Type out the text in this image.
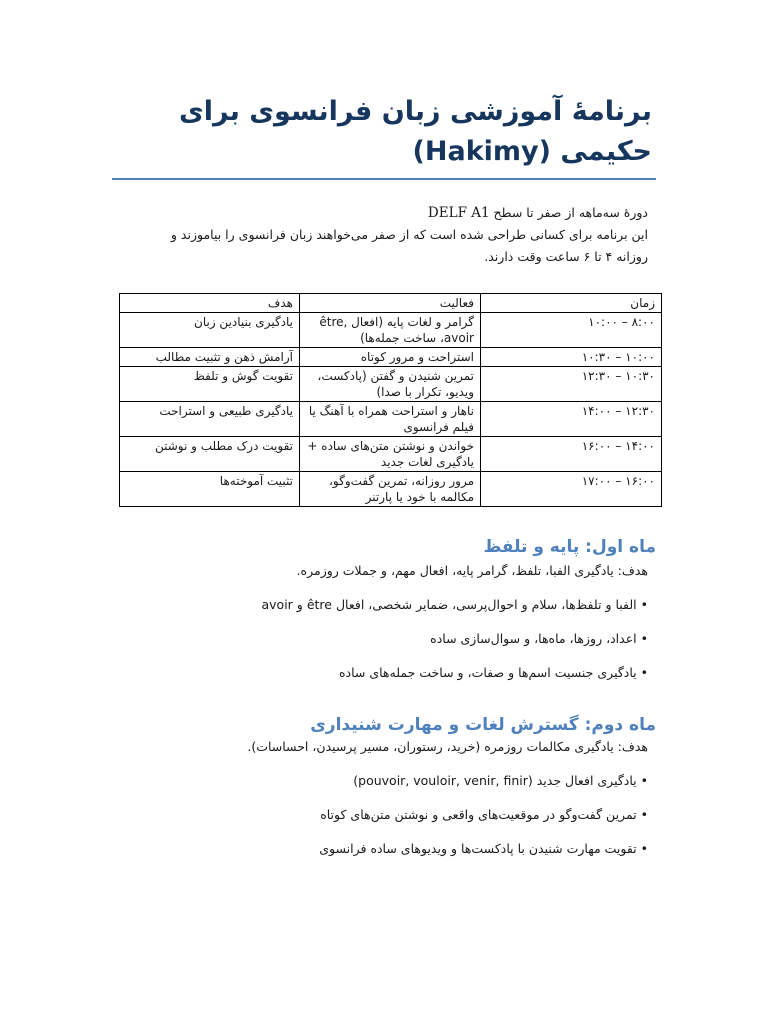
برنامهٔ آموزشی زبان فرانسوی برای حکیمی (Hakimy)
دورهٔ سه‌ماهه از صفر تا سطح DELF A1
این برنامه برای کسانی طراحی شده است که از صفر می‌خواهند زبان فرانسوی را بیاموزند و
روزانه ۴ تا ۶ ساعت وقت دارند.
زمان	فعالیت	هدف
۸:۰۰ – ۱۰:۰۰	گرامر و لغات پایه (افعال être, avoir، ساخت جمله‌ها)	یادگیری بنیادین زبان
۱۰:۰۰ – ۱۰:۳۰	استراحت و مرور کوتاه	آرامش ذهن و تثبیت مطالب
۱۰:۳۰ – ۱۲:۳۰	تمرین شنیدن و گفتن (پادکست، ویدیو، تکرار با صدا)	تقویت گوش و تلفظ
۱۲:۳۰ – ۱۴:۰۰	ناهار و استراحت همراه با آهنگ یا فیلم فرانسوی	یادگیری طبیعی و استراحت
۱۴:۰۰ – ۱۶:۰۰	خواندن و نوشتن متن‌های ساده + یادگیری لغات جدید	تقویت درک مطلب و نوشتن
۱۶:۰۰ – ۱۷:۰۰	مرور روزانه، تمرین گفت‌وگو، مکالمه با خود یا پارتنر	تثبیت آموخته‌ها
ماه اول: پایه و تلفظ
هدف: یادگیری الفبا، تلفظ، گرامر پایه، افعال مهم، و جملات روزمره.
• الفبا و تلفظ‌ها، سلام و احوال‌پرسی، ضمایر شخصی، افعال être و avoir
• اعداد، روزها، ماه‌ها، و سوال‌سازی ساده
• یادگیری جنسیت اسم‌ها و صفات، و ساخت جمله‌های ساده
ماه دوم: گسترش لغات و مهارت شنیداری
هدف: یادگیری مکالمات روزمره (خرید، رستوران، مسیر پرسیدن، احساسات).
• یادگیری افعال جدید (pouvoir, vouloir, venir, finir)
• تمرین گفت‌وگو در موقعیت‌های واقعی و نوشتن متن‌های کوتاه
• تقویت مهارت شنیدن با پادکست‌ها و ویدیوهای ساده فرانسوی
